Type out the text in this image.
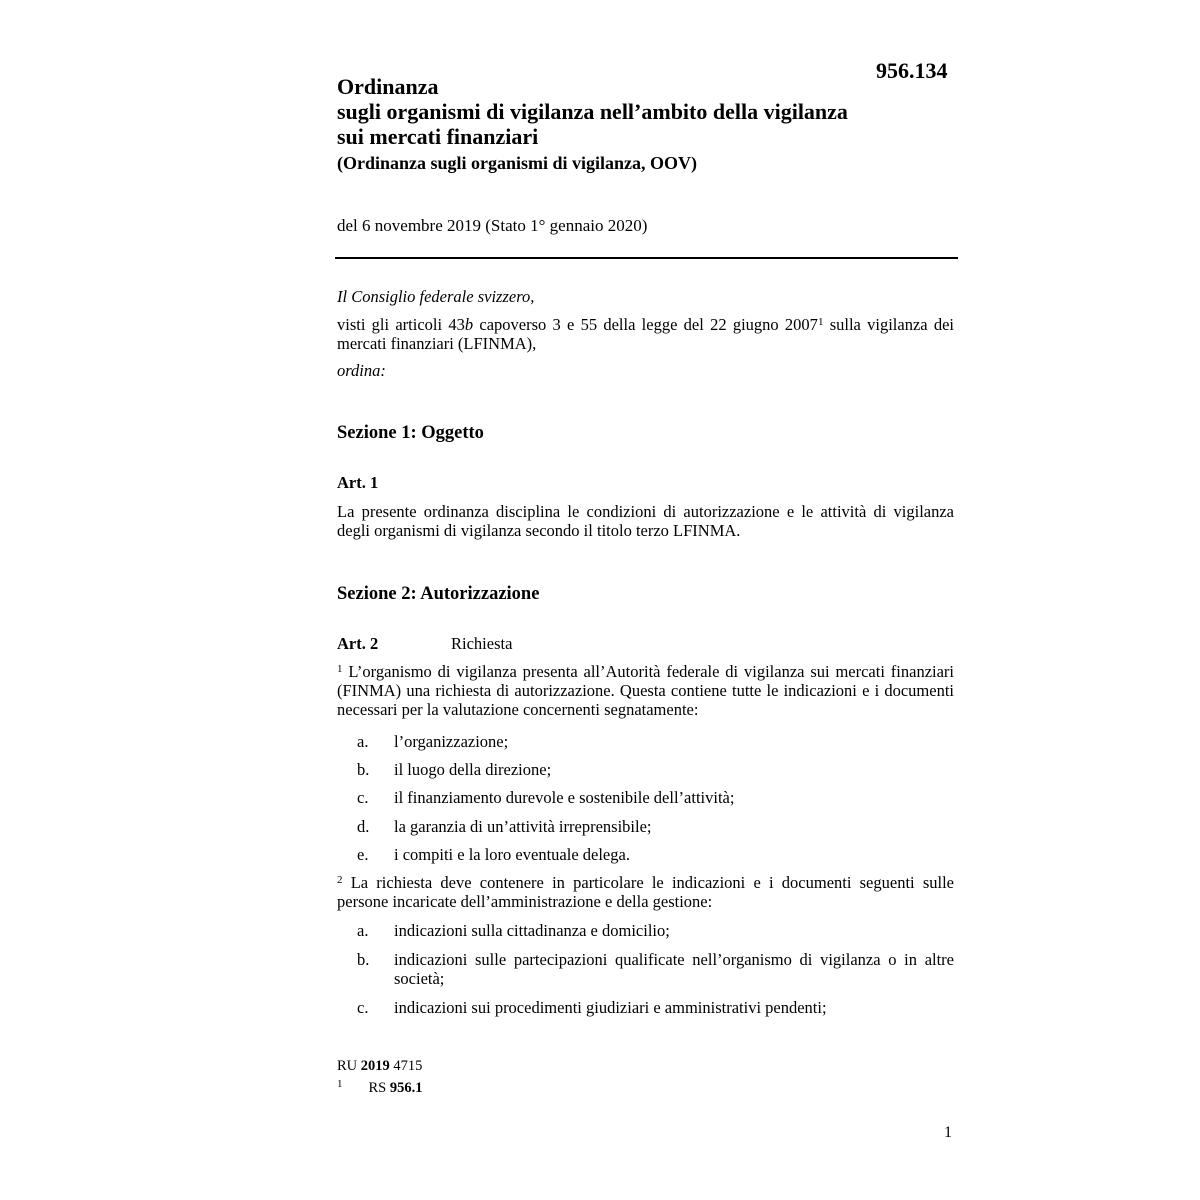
956.134
Ordinanza
sugli organismi di vigilanza nell’ambito della vigilanza
sui mercati finanziari
(Ordinanza sugli organismi di vigilanza, OOV)
del 6 novembre 2019 (Stato 1° gennaio 2020)
Il Consiglio federale svizzero,
visti gli articoli 43b capoverso 3 e 55 della legge del 22 giugno 2007$^1$ sulla vigilanza dei mercati finanziari (LFINMA),
ordina:
Sezione 1: Oggetto
Art. 1
La presente ordinanza disciplina le condizioni di autorizzazione e le attività di vigilanza degli organismi di vigilanza secondo il titolo terzo LFINMA.
Sezione 2: Autorizzazione
Art. 2	Richiesta
$^1$ L’organismo di vigilanza presenta all’Autorità federale di vigilanza sui mercati finanziari (FINMA) una richiesta di autorizzazione. Questa contiene tutte le indicazioni e i documenti necessari per la valutazione concernenti segnatamente:
a. l’organizzazione;
b. il luogo della direzione;
c. il finanziamento durevole e sostenibile dell’attività;
d. la garanzia di un’attività irreprensibile;
e. i compiti e la loro eventuale delega.
$^2$ La richiesta deve contenere in particolare le indicazioni e i documenti seguenti sulle persone incaricate dell’amministrazione e della gestione:
a. indicazioni sulla cittadinanza e domicilio;
b. indicazioni sulle partecipazioni qualificate nell’organismo di vigilanza o in altre società;
c. indicazioni sui procedimenti giudiziari e amministrativi pendenti;
RU 2019 4715
$^1$ RS 956.1
1
